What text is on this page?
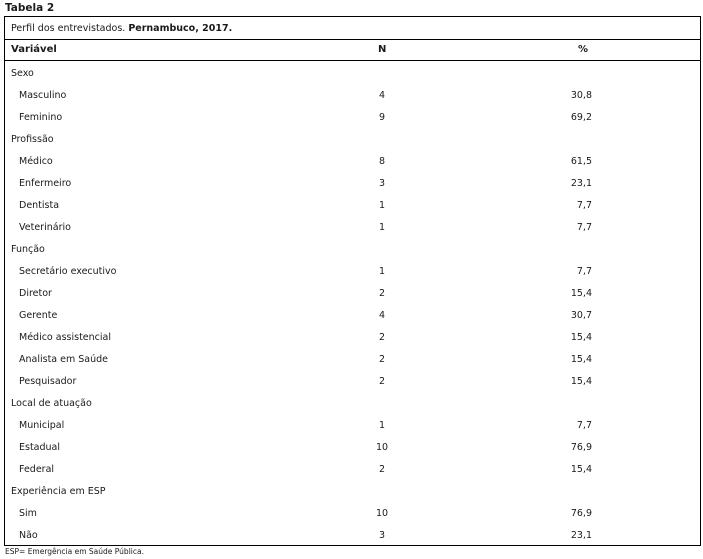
Tabela 2
Perfil dos entrevistados. Pernambuco, 2017.
Variável	N	%
Sexo
Masculino	4	30,8
Feminino	9	69,2
Profissão
Médico	8	61,5
Enfermeiro	3	23,1
Dentista	1	7,7
Veterinário	1	7,7
Função
Secretário executivo	1	7,7
Diretor	2	15,4
Gerente	4	30,7
Médico assistencial	2	15,4
Analista em Saúde	2	15,4
Pesquisador	2	15,4
Local de atuação
Municipal	1	7,7
Estadual	10	76,9
Federal	2	15,4
Experiência em ESP
Sim	10	76,9
Não	3	23,1
ESP= Emergência em Saúde Pública.
